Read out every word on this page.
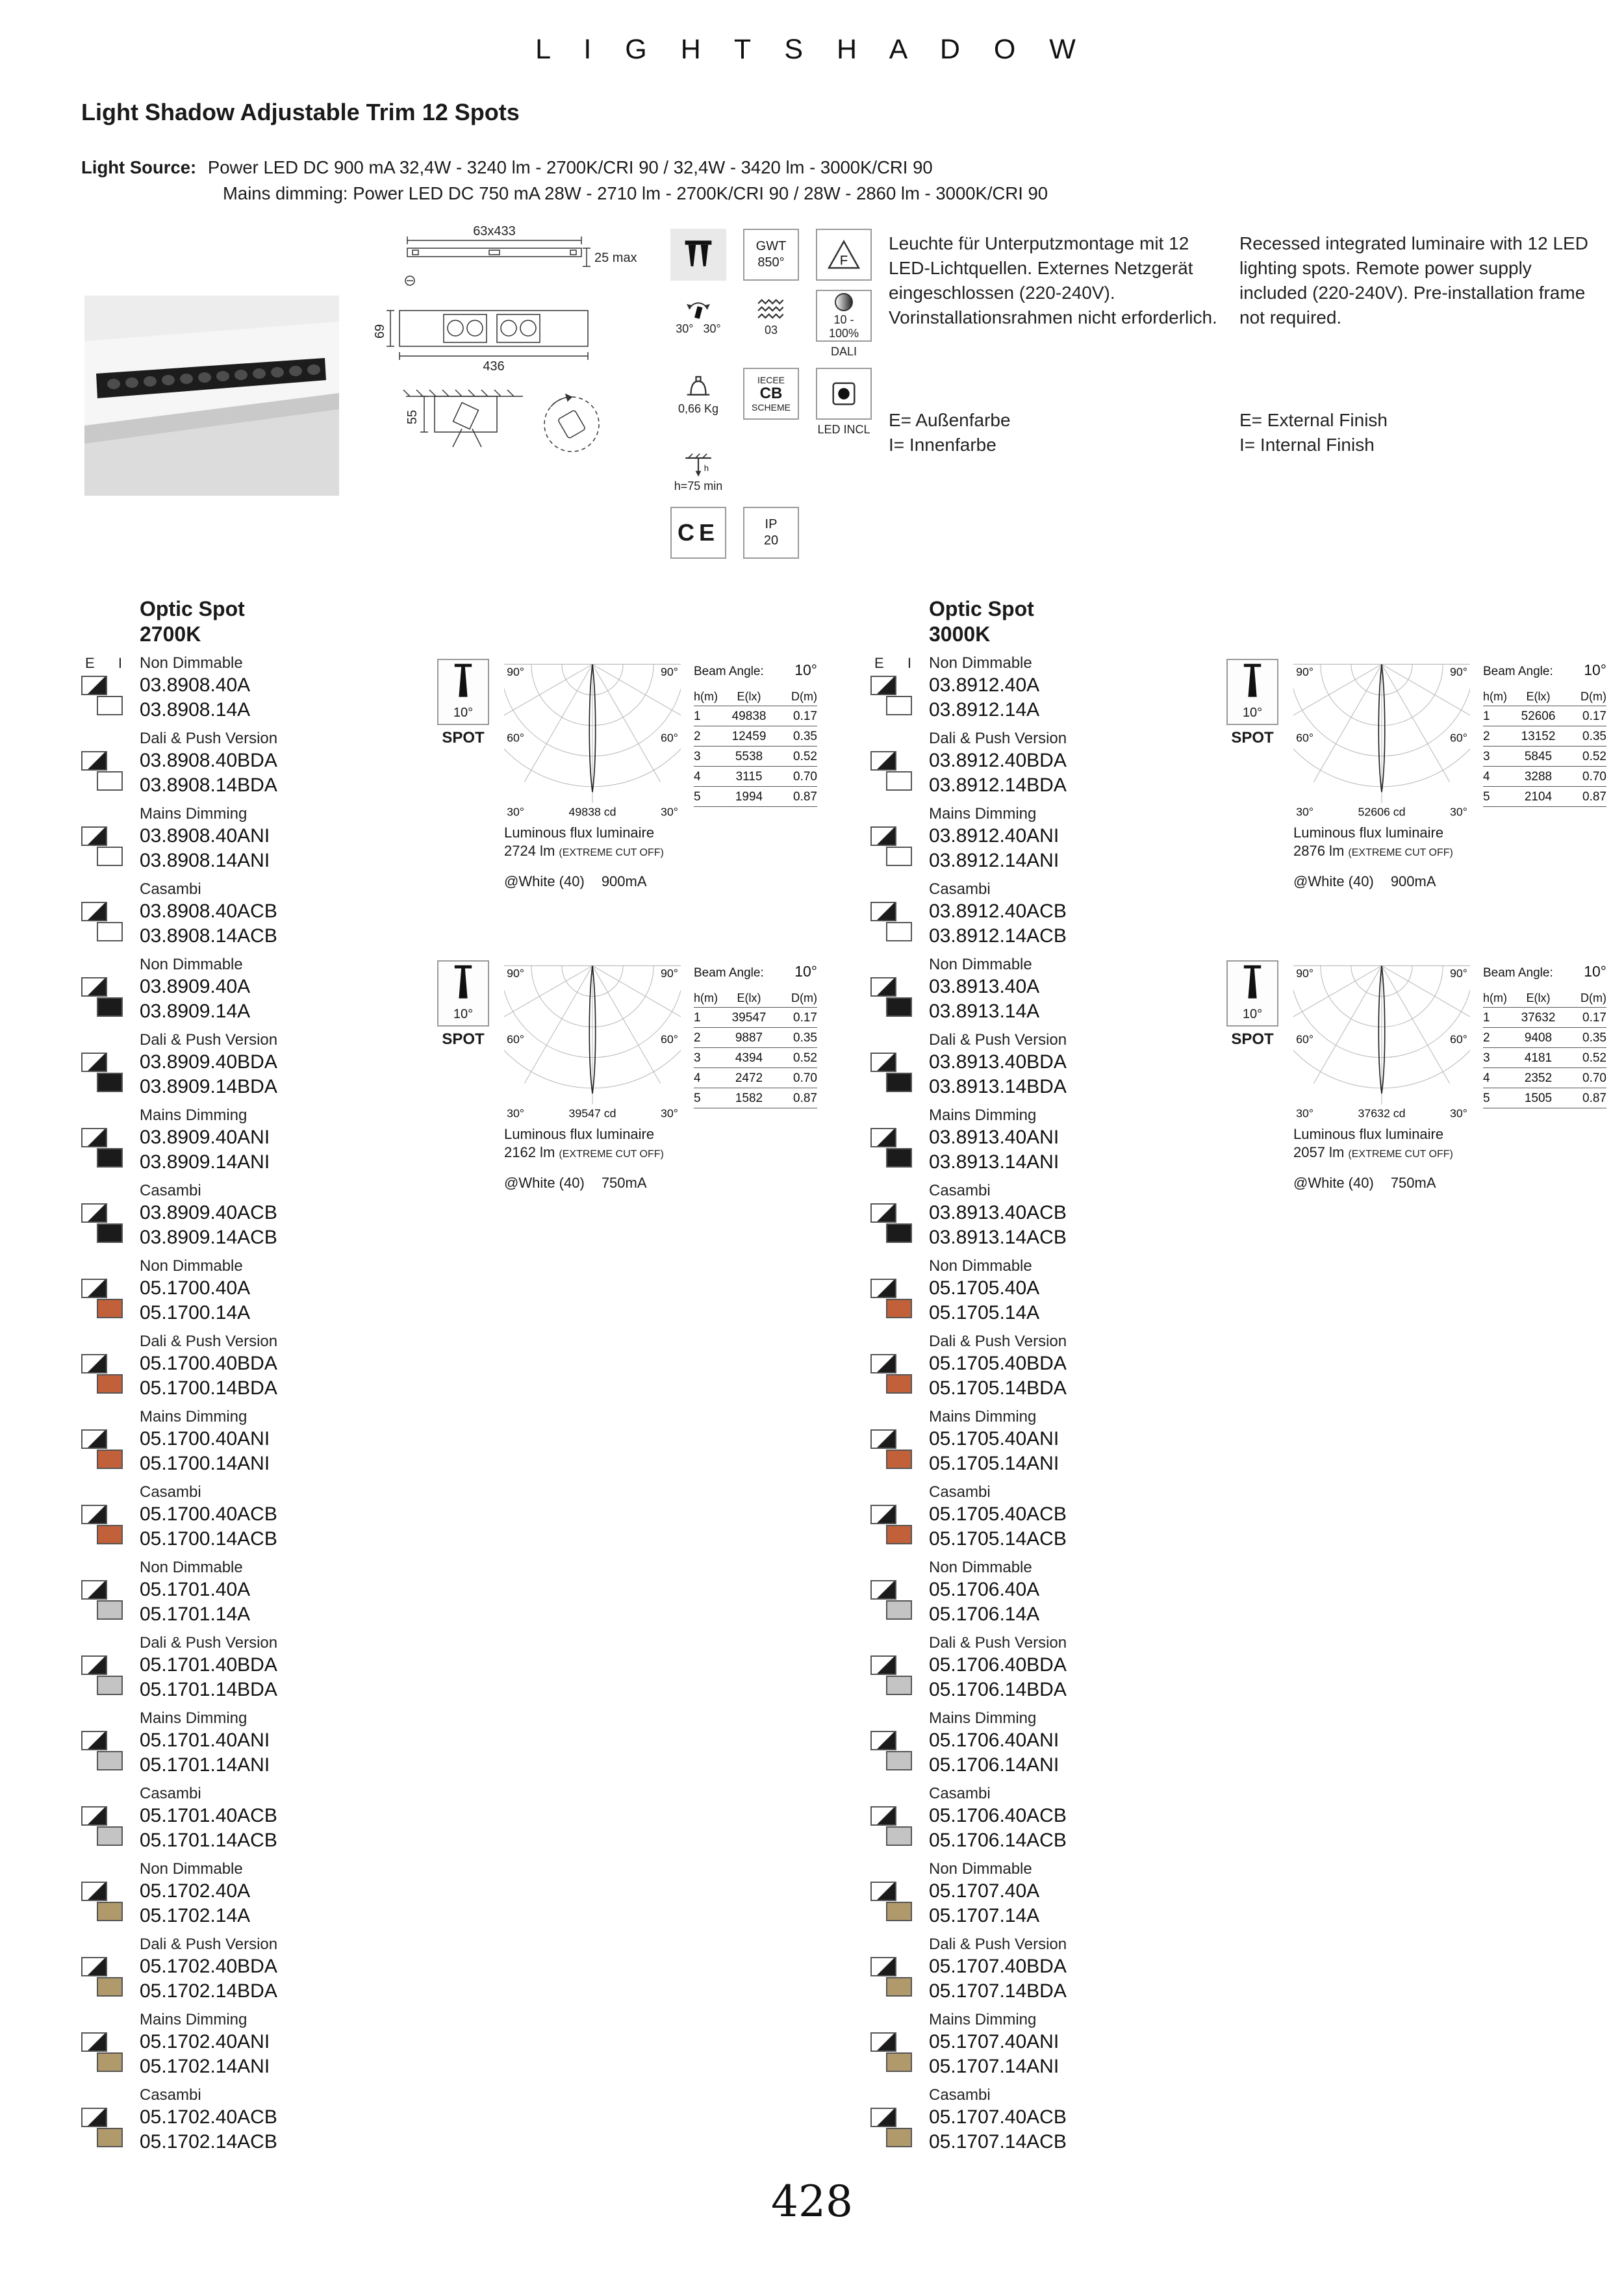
L I G H T S H A D O W
Light Shadow Adjustable Trim 12 Spots
Light Source: Power LED DC 900 mA 32,4W - 3240 lm - 2700K/CRI 90 / 32,4W - 3420 lm - 3000K/CRI 90
Mains dimming: Power LED DC 750 mA 28W - 2710 lm - 2700K/CRI 90 / 28W - 2860 lm - 3000K/CRI 90
63x433
25 max
69
436
55
GWT
850°	F
30° 30°	03
10 - 100%
DALI
0,66 Kg
IECEE
CB
SCHEME
LED INCL
h
h=75 min
CE	IP
20
Leuchte für Unterputzmontage mit 12 LED-Lichtquellen. Externes Netzgerät eingeschlossen (220-240V). Vorinstallationsrahmen nicht erforderlich.
E= Außenfarbe
I= Innenfarbe
Recessed integrated luminaire with 12 LED lighting spots. Remote power supply included (220-240V). Pre-installation frame not required.
E= External Finish
I= Internal Finish
Optic Spot
2700K
E I Non Dimmable
03.8908.40A
03.8908.14A
Dali & Push Version
03.8908.40BDA
03.8908.14BDA
Mains Dimming
03.8908.40ANI
03.8908.14ANI
Casambi
03.8908.40ACB
03.8908.14ACB
Non Dimmable
03.8909.40A
03.8909.14A
Dali & Push Version
03.8909.40BDA
03.8909.14BDA
Mains Dimming
03.8909.40ANI
03.8909.14ANI
Casambi
03.8909.40ACB
03.8909.14ACB
Non Dimmable
05.1700.40A
05.1700.14A
Dali & Push Version
05.1700.40BDA
05.1700.14BDA
Mains Dimming
05.1700.40ANI
05.1700.14ANI
Casambi
05.1700.40ACB
05.1700.14ACB
Non Dimmable
05.1701.40A
05.1701.14A
Dali & Push Version
05.1701.40BDA
05.1701.14BDA
Mains Dimming
05.1701.40ANI
05.1701.14ANI
Casambi
05.1701.40ACB
05.1701.14ACB
Non Dimmable
05.1702.40A
05.1702.14A
Dali & Push Version
05.1702.40BDA
05.1702.14BDA
Mains Dimming
05.1702.40ANI
05.1702.14ANI
Casambi
05.1702.40ACB
05.1702.14ACB
10°
SPOT
90°	90°
60°	60°
30°	30°
49838 cd
Luminous flux luminaire
2724 lm (EXTREME CUT OFF)
@White (40) 900mA
Beam Angle: 10°
h(m)	E(lx)	D(m)
1	49838	0.17
2	12459	0.35
3	5538	0.52
4	3115	0.70
5	1994	0.87
10°
SPOT
90°	90°
60°	60°
30°	30°
39547 cd
Luminous flux luminaire
2162 lm (EXTREME CUT OFF)
@White (40) 750mA
Beam Angle: 10°
h(m)	E(lx)	D(m)
1	39547	0.17
2	9887	0.35
3	4394	0.52
4	2472	0.70
5	1582	0.87
Optic Spot
3000K
E I Non Dimmable
03.8912.40A
03.8912.14A
Dali & Push Version
03.8912.40BDA
03.8912.14BDA
Mains Dimming
03.8912.40ANI
03.8912.14ANI
Casambi
03.8912.40ACB
03.8912.14ACB
Non Dimmable
03.8913.40A
03.8913.14A
Dali & Push Version
03.8913.40BDA
03.8913.14BDA
Mains Dimming
03.8913.40ANI
03.8913.14ANI
Casambi
03.8913.40ACB
03.8913.14ACB
Non Dimmable
05.1705.40A
05.1705.14A
Dali & Push Version
05.1705.40BDA
05.1705.14BDA
Mains Dimming
05.1705.40ANI
05.1705.14ANI
Casambi
05.1705.40ACB
05.1705.14ACB
Non Dimmable
05.1706.40A
05.1706.14A
Dali & Push Version
05.1706.40BDA
05.1706.14BDA
Mains Dimming
05.1706.40ANI
05.1706.14ANI
Casambi
05.1706.40ACB
05.1706.14ACB
Non Dimmable
05.1707.40A
05.1707.14A
Dali & Push Version
05.1707.40BDA
05.1707.14BDA
Mains Dimming
05.1707.40ANI
05.1707.14ANI
Casambi
05.1707.40ACB
05.1707.14ACB
10°
SPOT
90°	90°
60°	60°
30°	30°
52606 cd
Luminous flux luminaire
2876 lm (EXTREME CUT OFF)
@White (40) 900mA
Beam Angle: 10°
h(m)	E(lx)	D(m)
1	52606	0.17
2	13152	0.35
3	5845	0.52
4	3288	0.70
5	2104	0.87
10°
SPOT
90°	90°
60°	60°
30°	30°
37632 cd
Luminous flux luminaire
2057 lm (EXTREME CUT OFF)
@White (40) 750mA
Beam Angle: 10°
h(m)	E(lx)	D(m)
1	37632	0.17
2	9408	0.35
3	4181	0.52
4	2352	0.70
5	1505	0.87
428
